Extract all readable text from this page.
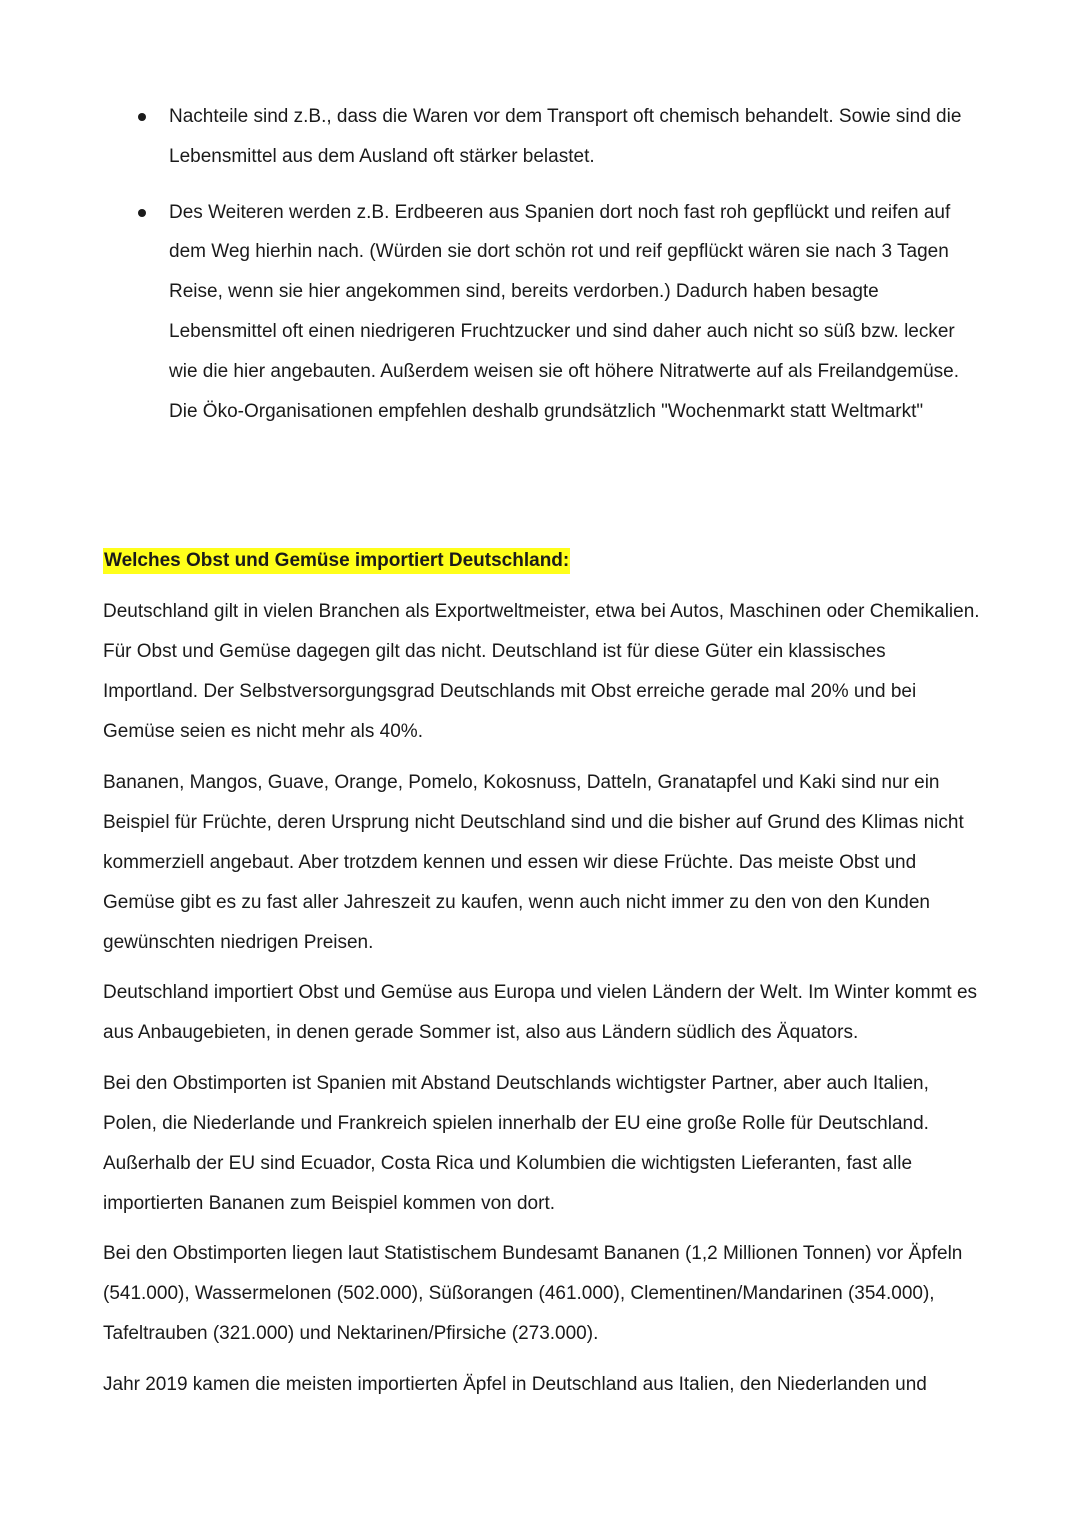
Nachteile sind z.B., dass die Waren vor dem Transport oft chemisch behandelt. Sowie sind die Lebensmittel aus dem Ausland oft stärker belastet.
Des Weiteren werden z.B. Erdbeeren aus Spanien dort noch fast roh gepflückt und reifen auf dem Weg hierhin nach. (Würden sie dort schön rot und reif gepflückt wären sie nach 3 Tagen Reise, wenn sie hier angekommen sind, bereits verdorben.) Dadurch haben besagte Lebensmittel oft einen niedrigeren Fruchtzucker und sind daher auch nicht so süß bzw. lecker wie die hier angebauten. Außerdem weisen sie oft höhere Nitratwerte auf als Freilandgemüse. Die Öko-Organisationen empfehlen deshalb grundsätzlich "Wochenmarkt statt Weltmarkt"
Welches Obst und Gemüse importiert Deutschland:

Deutschland gilt in vielen Branchen als Exportweltmeister, etwa bei Autos, Maschinen oder Chemikalien. Für Obst und Gemüse dagegen gilt das nicht. Deutschland ist für diese Güter ein klassisches Importland. Der Selbstversorgungsgrad Deutschlands mit Obst erreiche gerade mal 20% und bei Gemüse seien es nicht mehr als 40%.

Bananen, Mangos, Guave, Orange, Pomelo, Kokosnuss, Datteln, Granatapfel und Kaki sind nur ein Beispiel für Früchte, deren Ursprung nicht Deutschland sind und die bisher auf Grund des Klimas nicht kommerziell angebaut. Aber trotzdem kennen und essen wir diese Früchte. Das meiste Obst und Gemüse gibt es zu fast aller Jahreszeit zu kaufen, wenn auch nicht immer zu den von den Kunden gewünschten niedrigen Preisen.

Deutschland importiert Obst und Gemüse aus Europa und vielen Ländern der Welt. Im Winter kommt es aus Anbaugebieten, in denen gerade Sommer ist, also aus Ländern südlich des Äquators.

Bei den Obstimporten ist Spanien mit Abstand Deutschlands wichtigster Partner, aber auch Italien, Polen, die Niederlande und Frankreich spielen innerhalb der EU eine große Rolle für Deutschland. Außerhalb der EU sind Ecuador, Costa Rica und Kolumbien die wichtigsten Lieferanten, fast alle importierten Bananen zum Beispiel kommen von dort.

Bei den Obstimporten liegen laut Statistischem Bundesamt Bananen (1,2 Millionen Tonnen) vor Äpfeln (541.000), Wassermelonen (502.000), Süßorangen (461.000), Clementinen/Mandarinen (354.000), Tafeltrauben (321.000) und Nektarinen/Pfirsiche (273.000).

Jahr 2019 kamen die meisten importierten Äpfel in Deutschland aus Italien, den Niederlanden und
